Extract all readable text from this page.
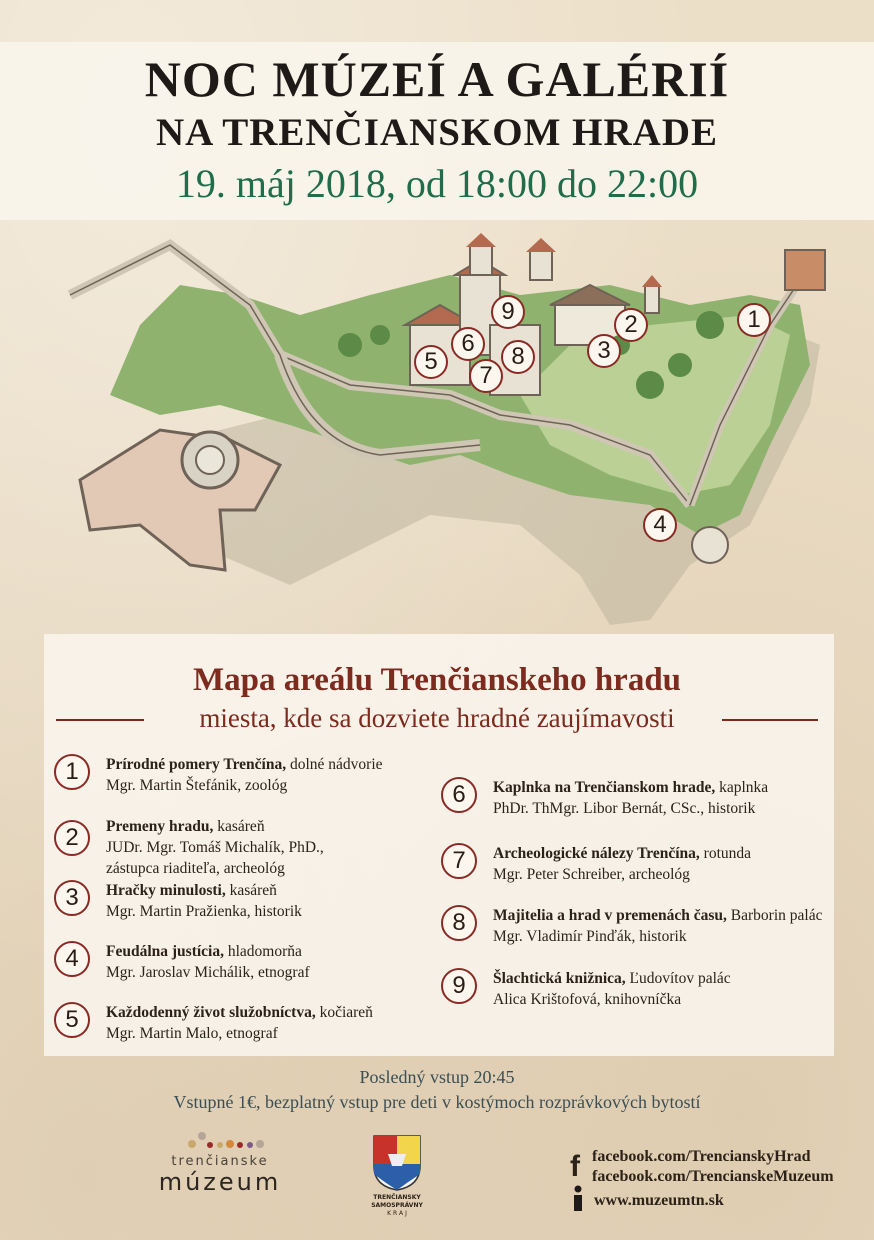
NOC MÚZEÍ A GALÉRIÍ
NA TRENČIANSKOM HRADE
19. máj 2018, od 18:00 do 22:00
1
2
3
4
5
6
7
8
9
Mapa areálu Trenčianskeho hradu
miesta, kde sa dozviete hradné zaujímavosti
1	Prírodné pomery Trenčína, dolné nádvorie
Mgr. Martin Štefánik, zoológ
2	Premeny hradu, kasáreň
JUDr. Mgr. Tomáš Michalík, PhD.,
zástupca riaditeľa, archeológ
3	Hračky minulosti, kasáreň
Mgr. Martin Pražienka, historik
4	Feudálna justícia, hladomorňa
Mgr. Jaroslav Michálik, etnograf
5	Každodenný život služobníctva, kočiareň
Mgr. Martin Malo, etnograf
6	Kaplnka na Trenčianskom hrade, kaplnka
PhDr. ThMgr. Libor Bernát, CSc., historik
7	Archeologické nálezy Trenčína, rotunda
Mgr. Peter Schreiber, archeológ
8	Majitelia a hrad v premenách času, Barborin palác
Mgr. Vladimír Pinďák, historik
9	Šlachtická knižnica, Ľudovítov palác
Alica Krištofová, knihovníčka
Posledný vstup 20:45
Vstupné 1€, bezplatný vstup pre deti v kostýmoch rozprávkových bytostí
trenčianske
múzeum
TRENČIANSKY
SAMOSPRÁVNY
K R A J
f facebook.com/TrencianskyHrad
facebook.com/TrencianskeMuzeum
www.muzeumtn.sk
